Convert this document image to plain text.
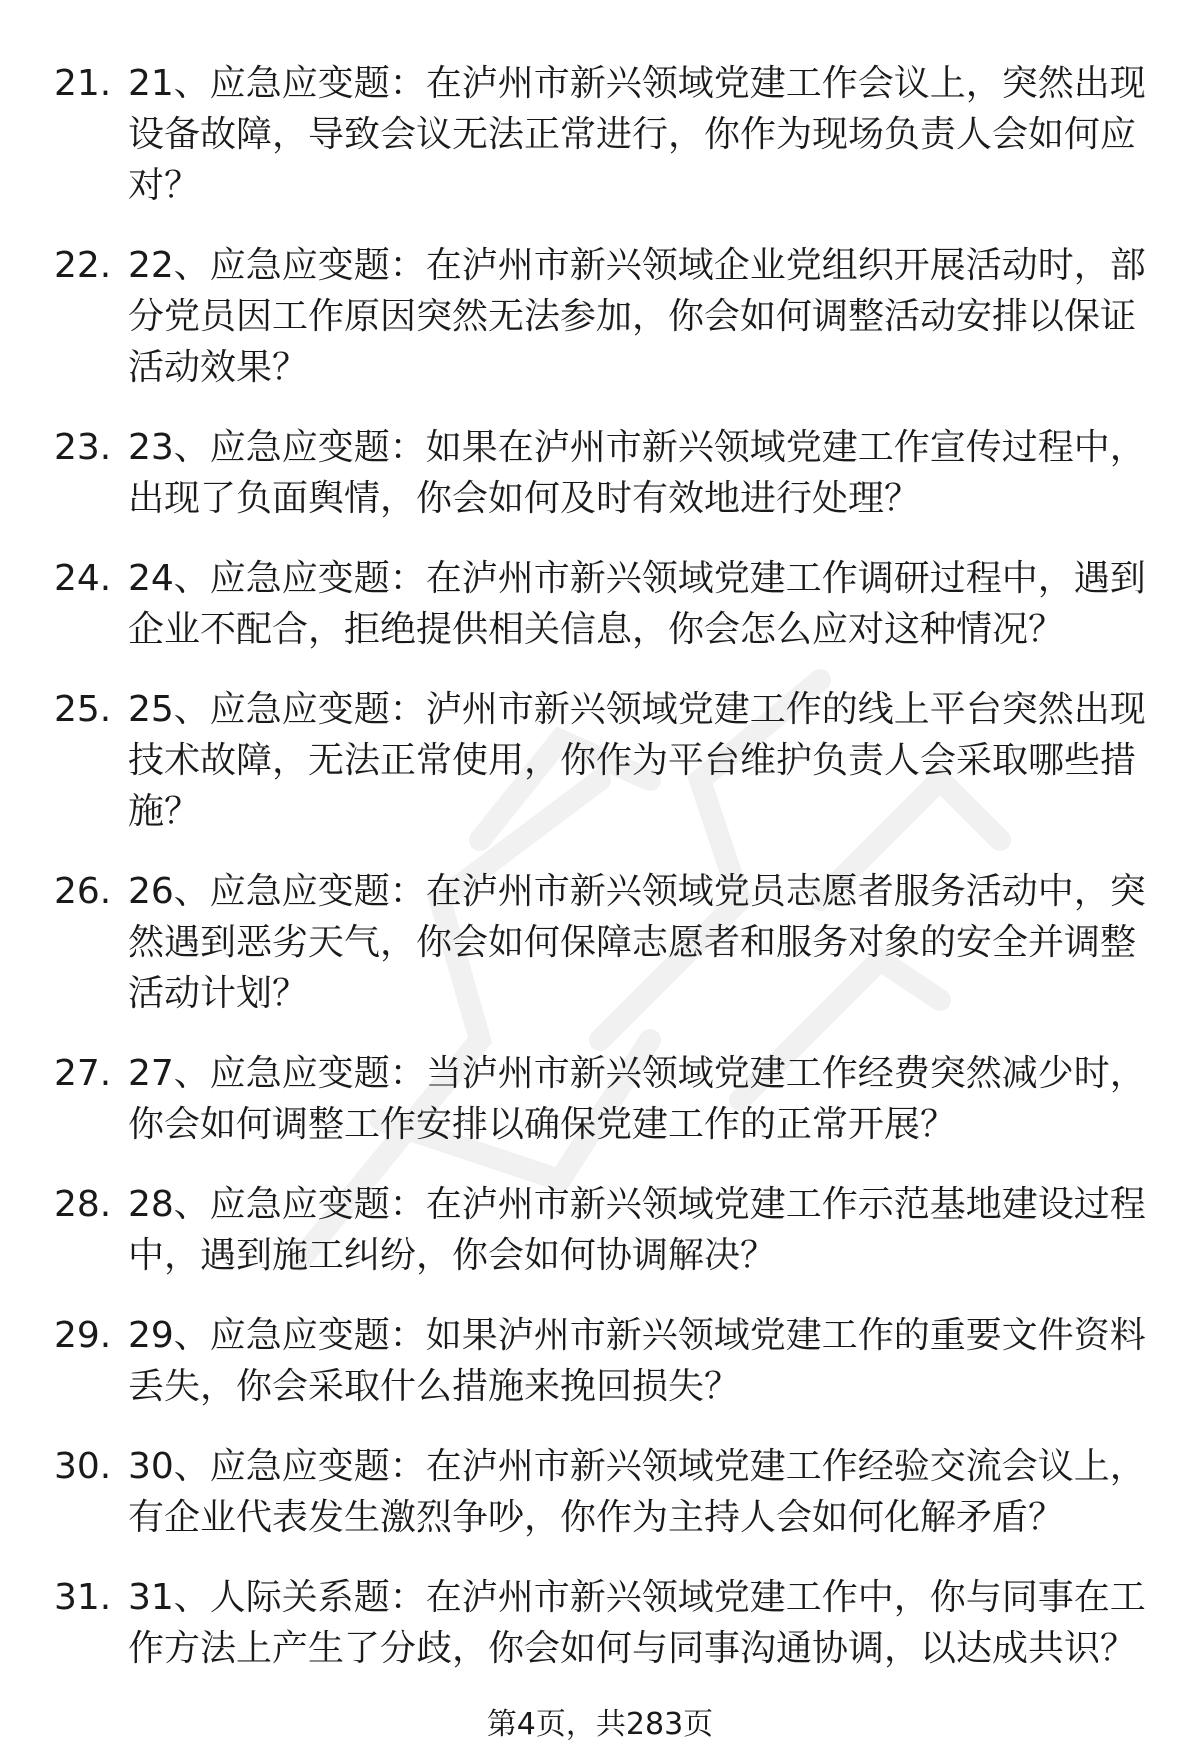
21. 21、应急应变题：在泸州市新兴领域党建工作会议上，突然出现设备故障，导致会议无法正常进行，你作为现场负责人会如何应对？
22. 22、应急应变题：在泸州市新兴领域企业党组织开展活动时，部分党员因工作原因突然无法参加，你会如何调整活动安排以保证活动效果？
23. 23、应急应变题：如果在泸州市新兴领域党建工作宣传过程中，出现了负面舆情，你会如何及时有效地进行处理？
24. 24、应急应变题：在泸州市新兴领域党建工作调研过程中，遇到企业不配合，拒绝提供相关信息，你会怎么应对这种情况？
25. 25、应急应变题：泸州市新兴领域党建工作的线上平台突然出现技术故障，无法正常使用，你作为平台维护负责人会采取哪些措施？
26. 26、应急应变题：在泸州市新兴领域党员志愿者服务活动中，突然遇到恶劣天气，你会如何保障志愿者和服务对象的安全并调整活动计划？
27. 27、应急应变题：当泸州市新兴领域党建工作经费突然减少时，你会如何调整工作安排以确保党建工作的正常开展？
28. 28、应急应变题：在泸州市新兴领域党建工作示范基地建设过程中，遇到施工纠纷，你会如何协调解决？
29. 29、应急应变题：如果泸州市新兴领域党建工作的重要文件资料丢失，你会采取什么措施来挽回损失？
30. 30、应急应变题：在泸州市新兴领域党建工作经验交流会议上，有企业代表发生激烈争吵，你作为主持人会如何化解矛盾？
31. 31、人际关系题：在泸州市新兴领域党建工作中，你与同事在工作方法上产生了分歧，你会如何与同事沟通协调，以达成共识？
第4页，共283页
